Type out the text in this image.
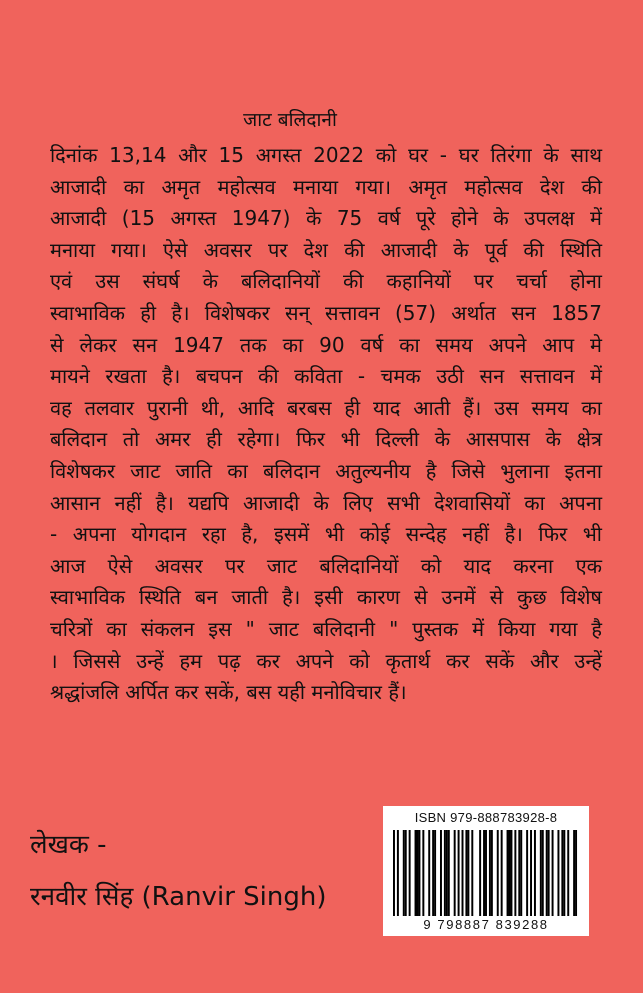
जाट बलिदानी
दिनांक 13,14 और 15 अगस्त 2022 को घर - घर तिरंगा के साथ
आजादी का अमृत महोत्सव मनाया गया। अमृत महोत्सव देश की
आजादी (15 अगस्त 1947) के 75 वर्ष पूरे होने के उपलक्ष में
मनाया गया। ऐसे अवसर पर देश की आजादी के पूर्व की स्थिति
एवं उस संघर्ष के बलिदानियों की कहानियों पर चर्चा होना
स्वाभाविक ही है। विशेषकर सन् सत्तावन (57) अर्थात सन 1857
से लेकर सन 1947 तक का 90 वर्ष का समय अपने आप मे
मायने रखता है। बचपन की कविता - चमक उठी सन सत्तावन में
वह तलवार पुरानी थी, आदि बरबस ही याद आती हैं। उस समय का
बलिदान तो अमर ही रहेगा। फिर भी दिल्ली के आसपास के क्षेत्र
विशेषकर जाट जाति का बलिदान अतुल्यनीय है जिसे भुलाना इतना
आसान नहीं है। यद्यपि आजादी के लिए सभी देशवासियों का अपना
- अपना योगदान रहा है, इसमें भी कोई सन्देह नहीं है। फिर भी
आज ऐसे अवसर पर जाट बलिदानियों को याद करना एक
स्वाभाविक स्थिति बन जाती है। इसी कारण से उनमें से कुछ विशेष
चरित्रों का संकलन इस " जाट बलिदानी " पुस्तक में किया गया है
। जिससे उन्हें हम पढ़ कर अपने को कृतार्थ कर सकें और उन्हें
श्रद्धांजलि अर्पित कर सकें, बस यही मनोविचार हैं।
लेखक -
रनवीर सिंह (Ranvir Singh)
ISBN 979-888783928-8
9 798887 839288
